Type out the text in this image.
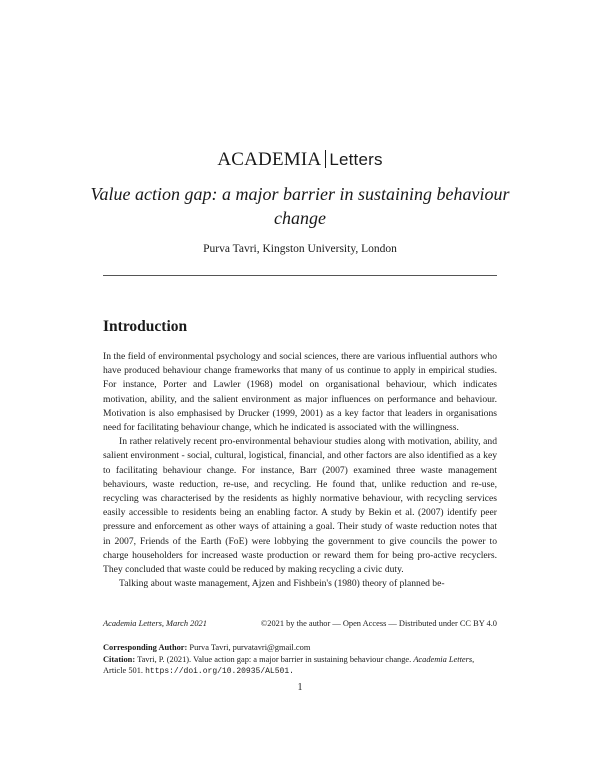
ACADEMIA Letters
Value action gap: a major barrier in sustaining behaviour change
Purva Tavri, Kingston University, London
Introduction

In the field of environmental psychology and social sciences, there are various influential authors who have produced behaviour change frameworks that many of us continue to apply in empirical studies. For instance, Porter and Lawler (1968) model on organisational behaviour, which indicates motivation, ability, and the salient environment as major influences on performance and behaviour. Motivation is also emphasised by Drucker (1999, 2001) as a key factor that leaders in organisations need for facilitating behaviour change, which he indicated is associated with the willingness.

In rather relatively recent pro-environmental behaviour studies along with motivation, ability, and salient environment - social, cultural, logistical, financial, and other factors are also identified as a key to facilitating behaviour change. For instance, Barr (2007) examined three waste management behaviours, waste reduction, re-use, and recycling. He found that, unlike reduction and re-use, recycling was characterised by the residents as highly normative behaviour, with recycling services easily accessible to residents being an enabling factor. A study by Bekin et al. (2007) identify peer pressure and enforcement as other ways of attaining a goal. Their study of waste reduction notes that in 2007, Friends of the Earth (FoE) were lobbying the government to give councils the power to charge householders for increased waste production or reward them for being pro-active recyclers. They concluded that waste could be reduced by making recycling a civic duty.

Talking about waste management, Ajzen and Fishbein's (1980) theory of planned be-

Academia Letters, March 2021	©2021 by the author — Open Access — Distributed under CC BY 4.0
Corresponding Author: Purva Tavri, purvatavri@gmail.com
Citation: Tavri, P. (2021). Value action gap: a major barrier in sustaining behaviour change. Academia Letters, Article 501. https://doi.org/10.20935/AL501.
1
